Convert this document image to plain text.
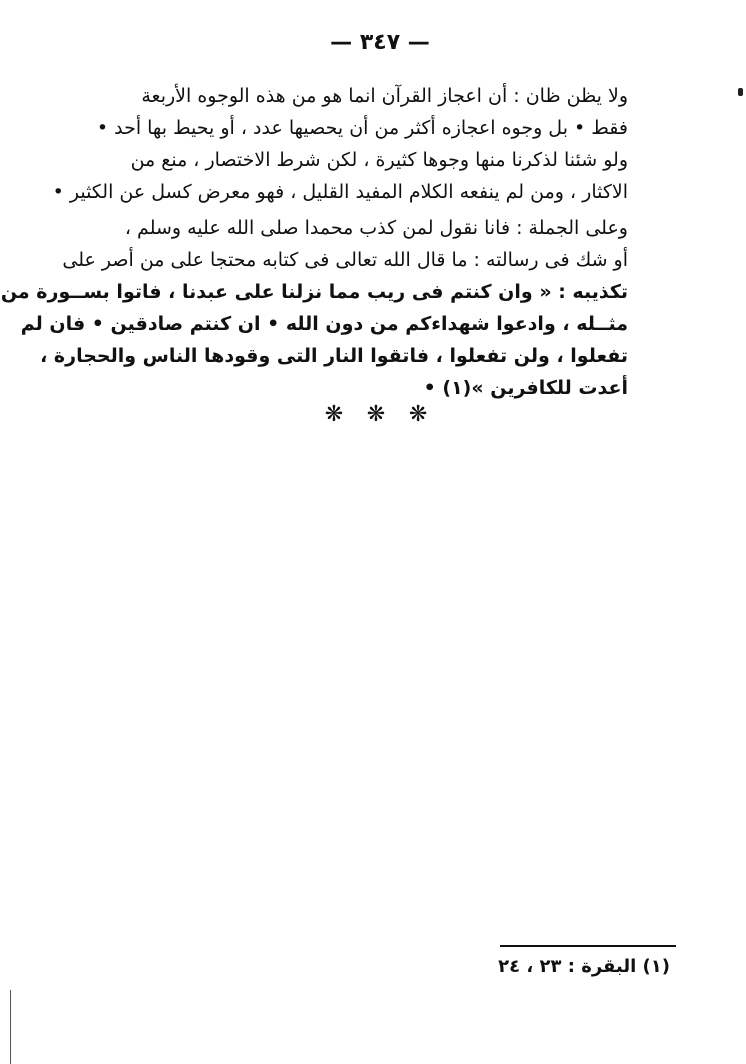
— ٣٤٧ —
ولا يظن ظان : أن اعجاز القرآن انما هو من هذه الوجوه الأربعة
فقط • بل وجوه اعجازه أكثر من أن يحصيها عدد ، أو يحيط بها أحد •
ولو شئنا لذكرنا منها وجوها كثيرة ، لكن شرط الاختصار ، منع من
الاكثار ، ومن لم ينفعه الكلام المفيد القليل ، فهو معرض كسل عن الكثير •
وعلى الجملة : فانا نقول لمن كذب محمدا صلى الله عليه وسلم ،
أو شك فى رسالته : ما قال الله تعالى فى كتابه محتجا على من أصر على
تكذيبه : « وان كنتم فى ريب مما نزلنا على عبدنا ، فاتوا بســورة من
مثــله ، وادعوا شهداءكم من دون الله • ان كنتم صادقين • فان لم
تفعلوا ، ولن تفعلوا ، فاتقوا النار التى وقودها الناس والحجارة ،
أعدت للكافرين »(١) •
❋ ❋ ❋
(١) البقرة : ٢٣ ، ٢٤
